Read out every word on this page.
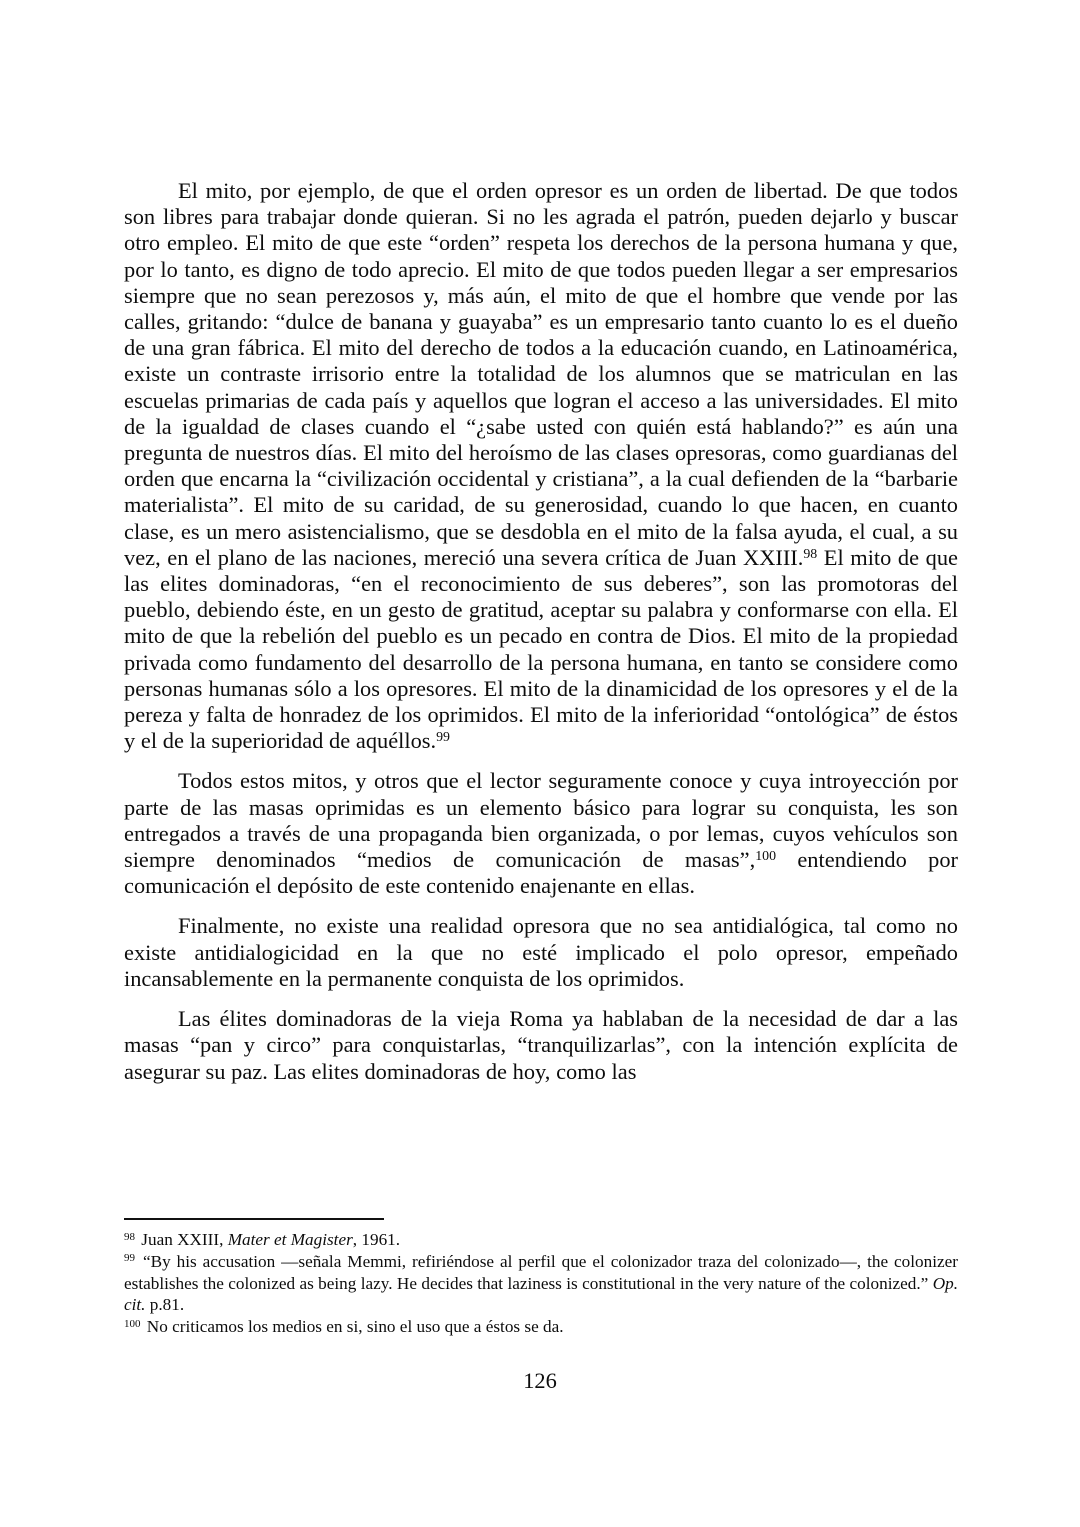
El mito, por ejemplo, de que el orden opresor es un orden de libertad. De que todos son libres para trabajar donde quieran. Si no les agrada el patrón, pueden dejarlo y buscar otro empleo. El mito de que este “orden” respeta los derechos de la persona humana y que, por lo tanto, es digno de todo aprecio. El mito de que todos pueden llegar a ser empresarios siempre que no sean perezosos y, más aún, el mito de que el hombre que vende por las calles, gritando: “dulce de banana y guayaba” es un empresario tanto cuanto lo es el dueño de una gran fábrica. El mito del derecho de todos a la educación cuando, en Latinoamérica, existe un contraste irrisorio entre la totalidad de los alumnos que se matriculan en las escuelas primarias de cada país y aquellos que logran el acceso a las universidades. El mito de la igualdad de clases cuando el “¿sabe usted con quién está hablando?” es aún una pregunta de nuestros días. El mito del heroísmo de las clases opresoras, como guardianas del orden que encarna la “civilización occidental y cristiana”, a la cual defienden de la “barbarie materialista”. El mito de su caridad, de su generosidad, cuando lo que hacen, en cuanto clase, es un mero asistencialismo, que se desdobla en el mito de la falsa ayuda, el cual, a su vez, en el plano de las naciones, mereció una severa crítica de Juan XXIII.$^{98}$ El mito de que las elites dominadoras, “en el reconocimiento de sus deberes”, son las promotoras del pueblo, debiendo éste, en un gesto de gratitud, aceptar su palabra y conformarse con ella. El mito de que la rebelión del pueblo es un pecado en contra de Dios. El mito de la propiedad privada como fundamento del desarrollo de la persona humana, en tanto se considere como personas humanas sólo a los opresores. El mito de la dinamicidad de los opresores y el de la pereza y falta de honradez de los oprimidos. El mito de la inferioridad “ontológica” de éstos y el de la superioridad de aquéllos.$^{99}$

Todos estos mitos, y otros que el lector seguramente conoce y cuya introyección por parte de las masas oprimidas es un elemento básico para lograr su conquista, les son entregados a través de una propaganda bien organizada, o por lemas, cuyos vehículos son siempre denominados “medios de comunicación de masas”,$^{100}$ entendiendo por comunicación el depósito de este contenido enajenante en ellas.

Finalmente, no existe una realidad opresora que no sea antidialógica, tal como no existe antidialogicidad en la que no esté implicado el polo opresor, empeñado incansablemente en la permanente conquista de los oprimidos.

Las élites dominadoras de la vieja Roma ya hablaban de la necesidad de dar a las masas “pan y circo” para conquistarlas, “tranquilizarlas”, con la intención explícita de asegurar su paz. Las elites dominadoras de hoy, como las

$^{98}$ Juan XXIII, Mater et Magister, 1961.

$^{99}$ “By his accusation —señala Memmi, refiriéndose al perfil que el colonizador traza del colonizado—, the colonizer establishes the colonized as being lazy. He decides that laziness is constitutional in the very nature of the colonized.” Op. cit. p.81.

$^{100}$ No criticamos los medios en si, sino el uso que a éstos se da.

126
